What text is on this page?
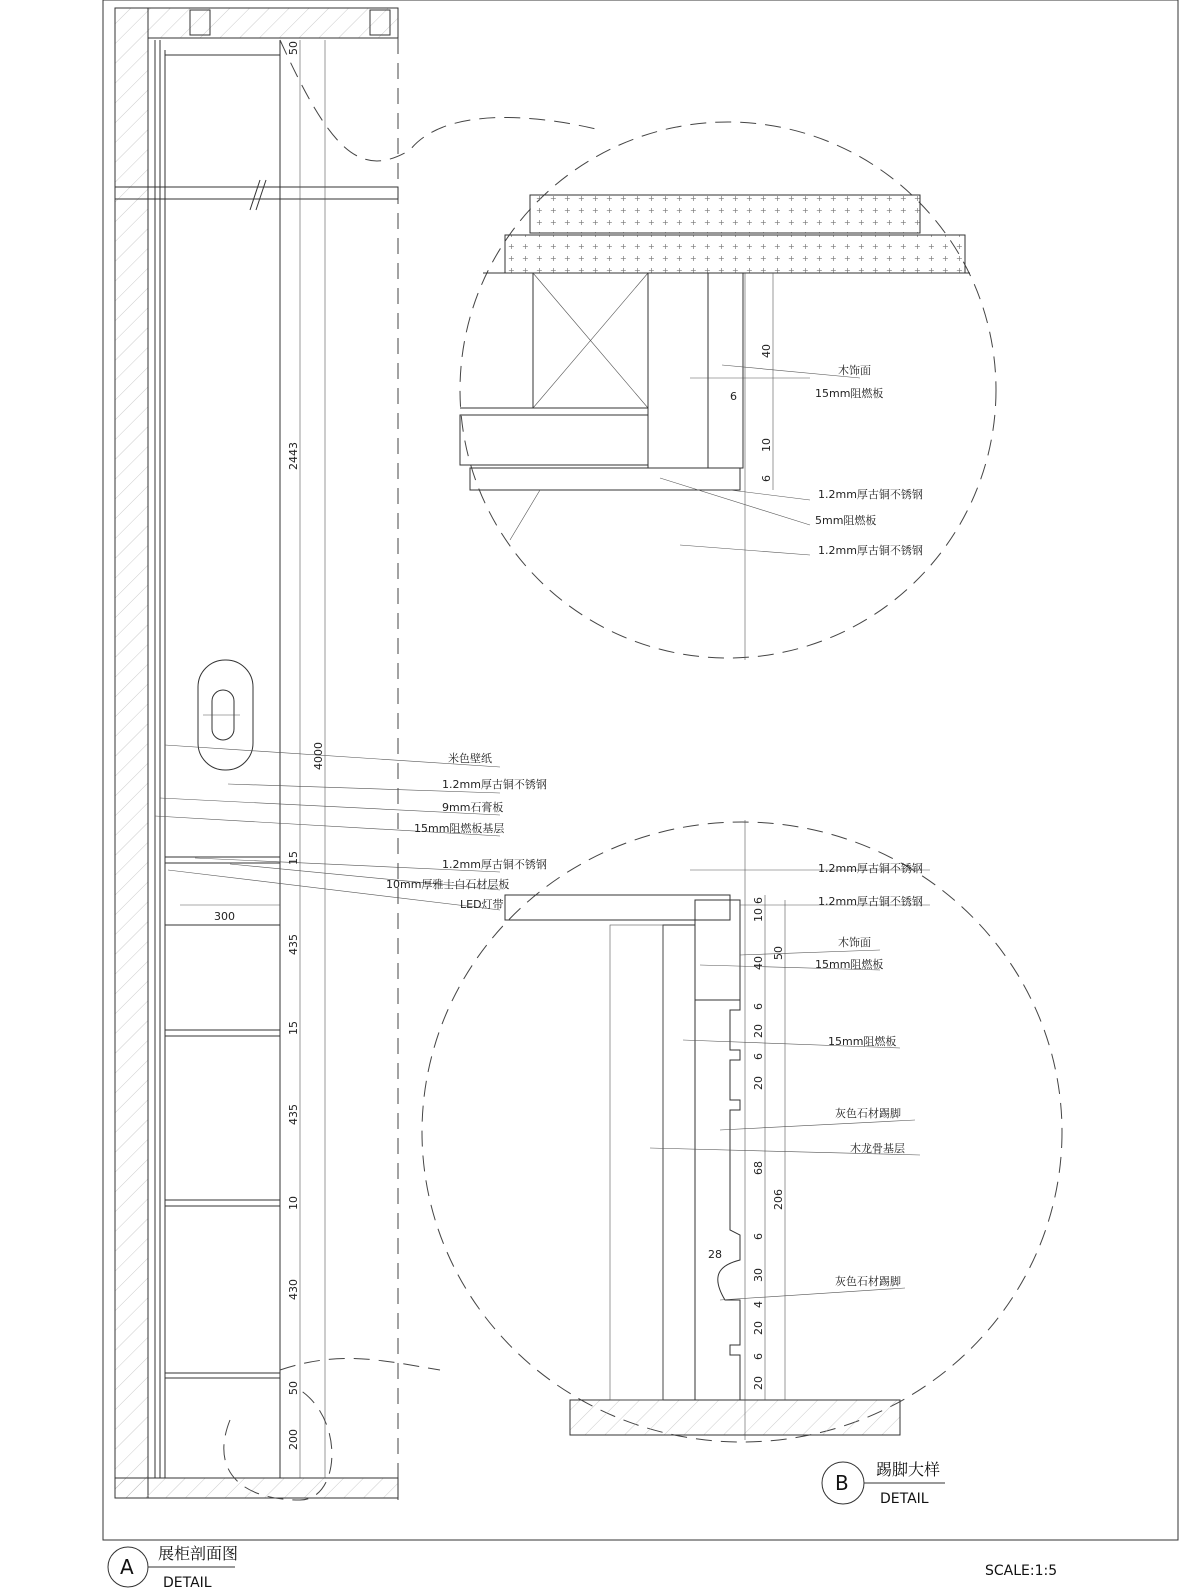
50
2443
4000
15
435
15
435
10
430
50
200
300
米色壁纸
1.2mm厚古铜不锈钢
9mm石膏板
15mm阻燃板基层
1.2mm厚古铜不锈钢
10mm厚雅士白石材层板
LED灯带
40
6
10
6
木饰面
15mm阻燃板
1.2mm厚古铜不锈钢
5mm阻燃板
1.2mm厚古铜不锈钢
6
10
40
50
6
20
6
20
68
206
6
30
28
4
20
6
20
1.2mm厚古铜不锈钢
1.2mm厚古铜不锈钢
木饰面
15mm阻燃板
15mm阻燃板
灰色石材踢脚
木龙骨基层
灰色石材踢脚
B
踢脚大样
DETAIL
A
展柜剖面图
DETAIL
SCALE:1:5
